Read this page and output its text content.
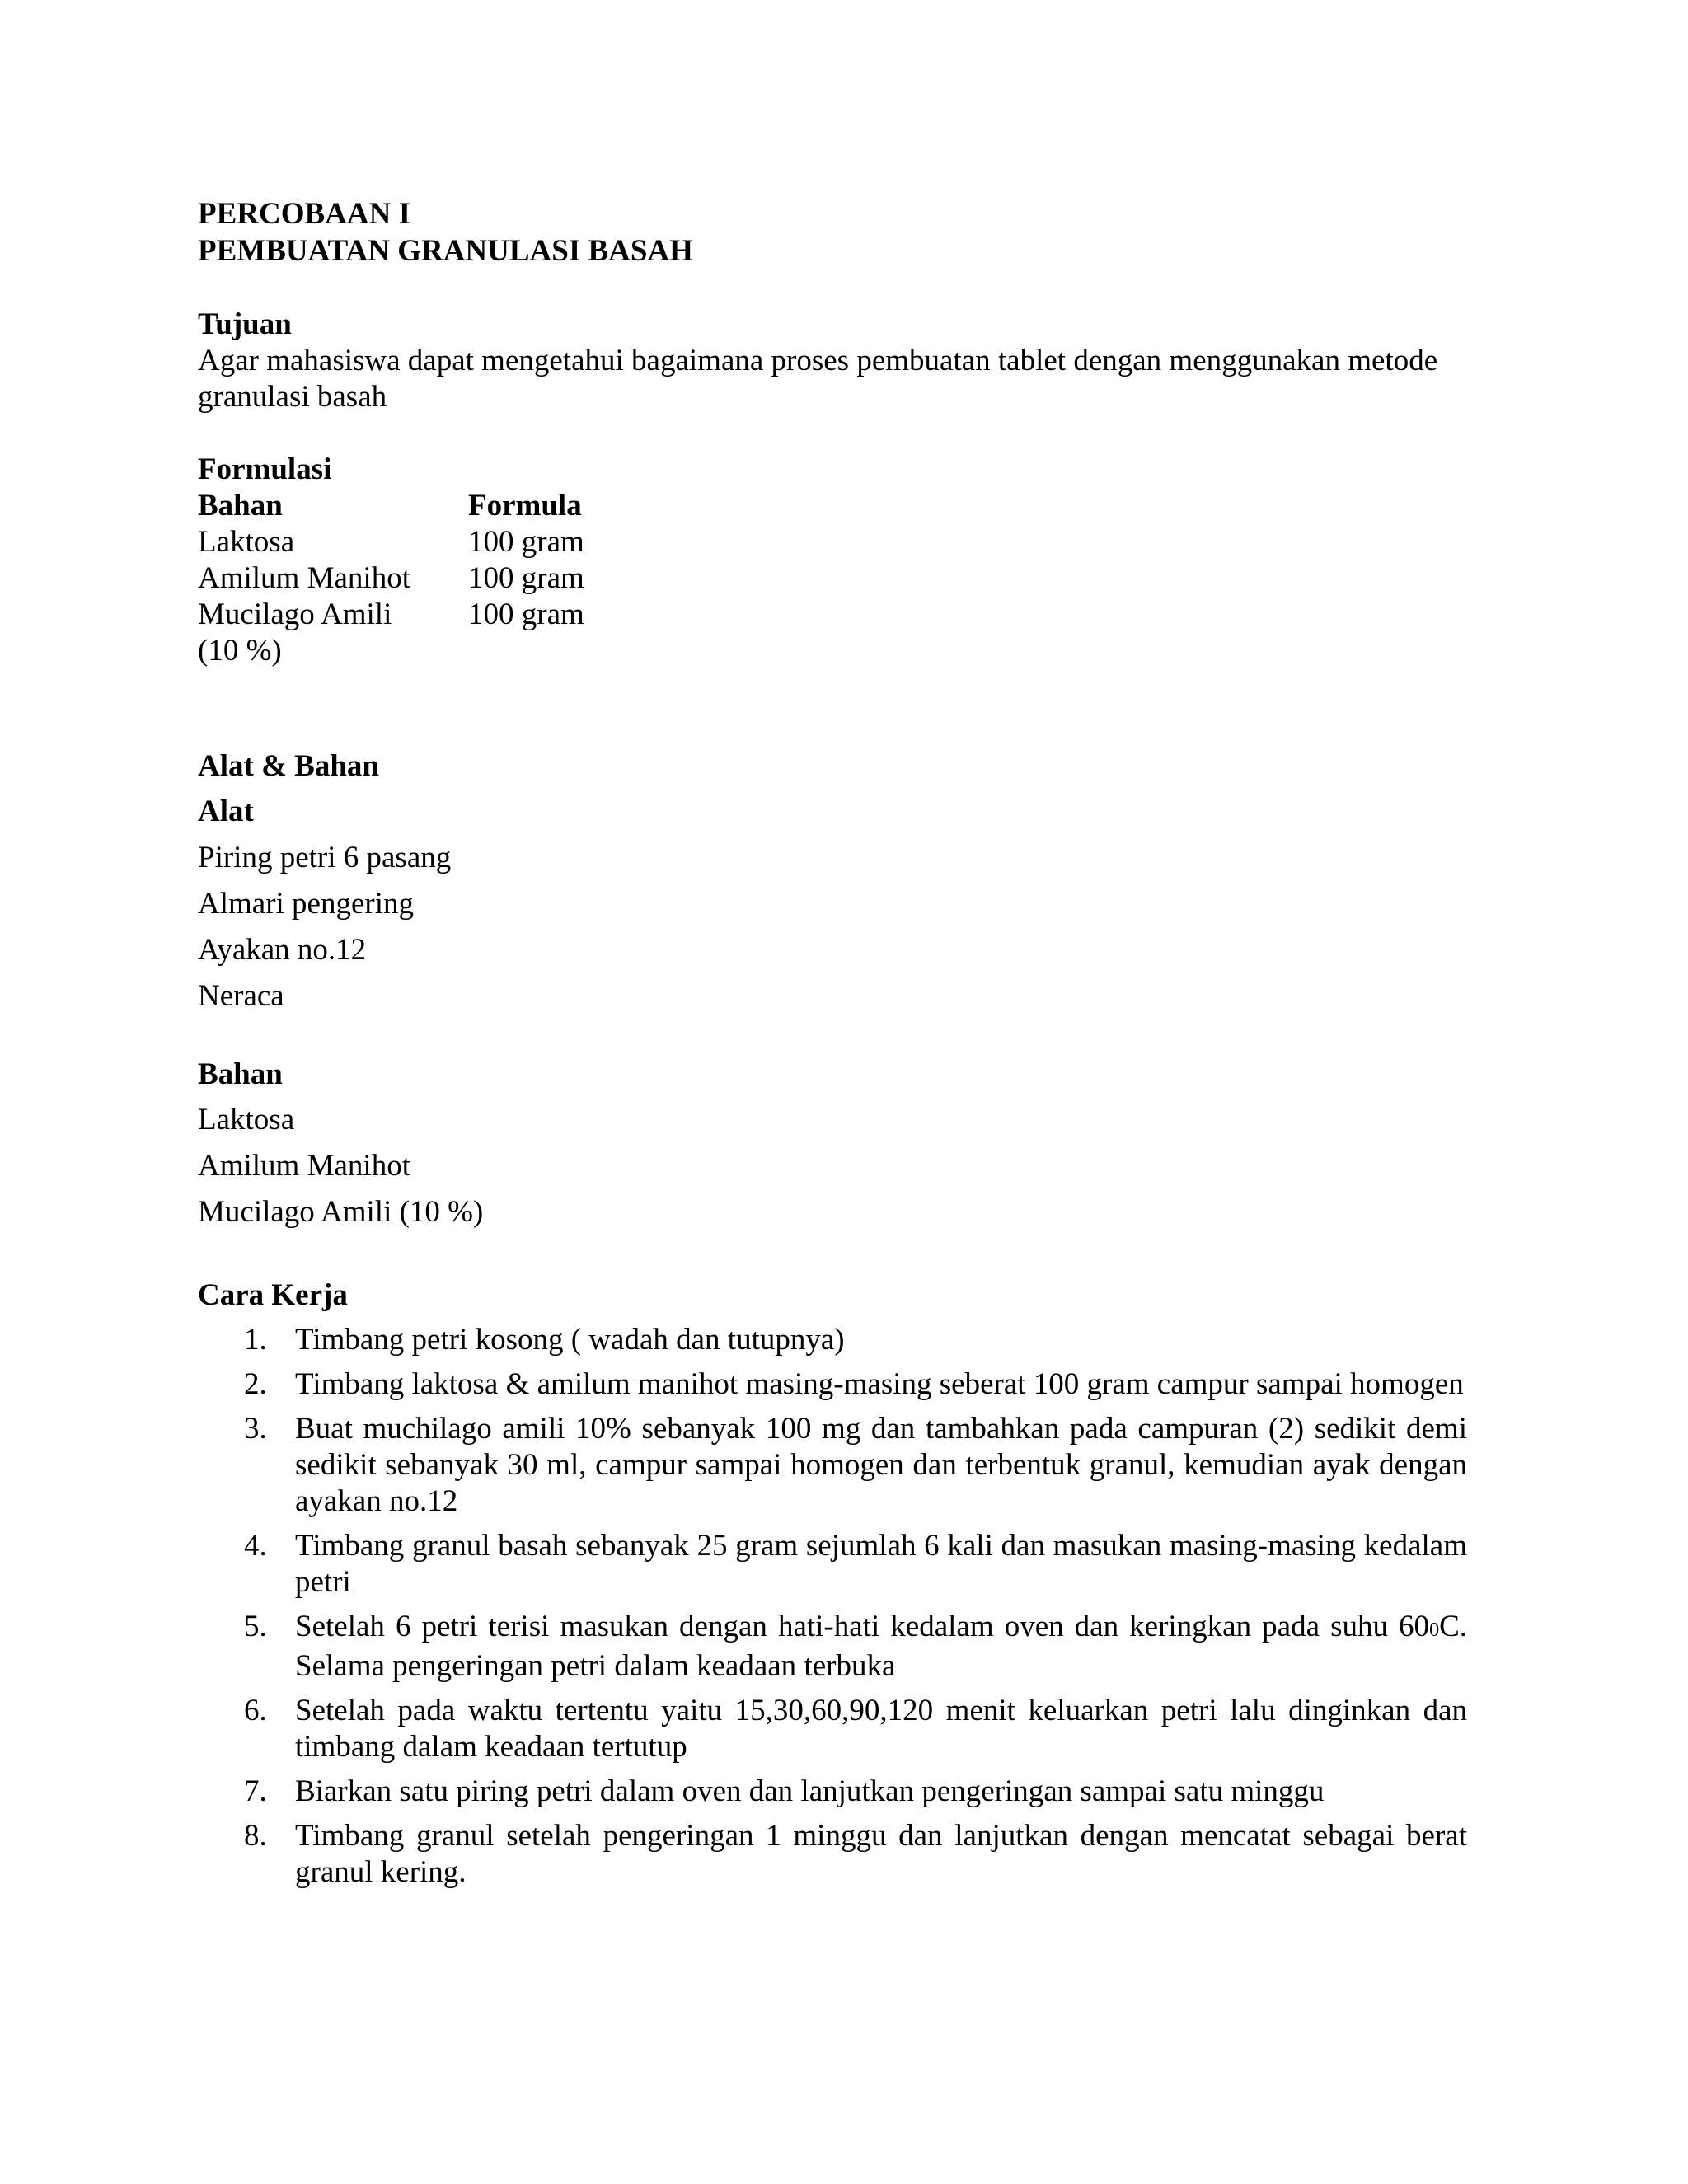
PERCOBAAN I
PEMBUATAN GRANULASI BASAH
Tujuan
Agar mahasiswa dapat mengetahui bagaimana proses pembuatan tablet dengan menggunakan metode granulasi basah
Formulasi
Bahan	Formula
Laktosa	100 gram
Amilum Manihot	100 gram
Mucilago Amili	100 gram
(10 %)	
Alat & Bahan
Alat
Piring petri 6 pasang
Almari pengering
Ayakan no.12
Neraca
Bahan
Laktosa
Amilum Manihot
Mucilago Amili (10 %)
Cara Kerja
1. Timbang petri kosong ( wadah dan tutupnya)
2. Timbang laktosa & amilum manihot masing-masing seberat 100 gram campur sampai homogen
3. Buat muchilago amili 10% sebanyak 100 mg dan tambahkan pada campuran (2) sedikit demi sedikit sebanyak 30 ml, campur sampai homogen dan terbentuk granul, kemudian ayak dengan ayakan no.12
4. Timbang granul basah sebanyak 25 gram sejumlah 6 kali dan masukan masing-masing kedalam petri
5. Setelah 6 petri terisi masukan dengan hati-hati kedalam oven dan keringkan pada suhu 600C. Selama pengeringan petri dalam keadaan terbuka
6. Setelah pada waktu tertentu yaitu 15,30,60,90,120 menit keluarkan petri lalu dinginkan dan timbang dalam keadaan tertutup
7. Biarkan satu piring petri dalam oven dan lanjutkan pengeringan sampai satu minggu
8. Timbang granul setelah pengeringan 1 minggu dan lanjutkan dengan mencatat sebagai berat granul kering.
